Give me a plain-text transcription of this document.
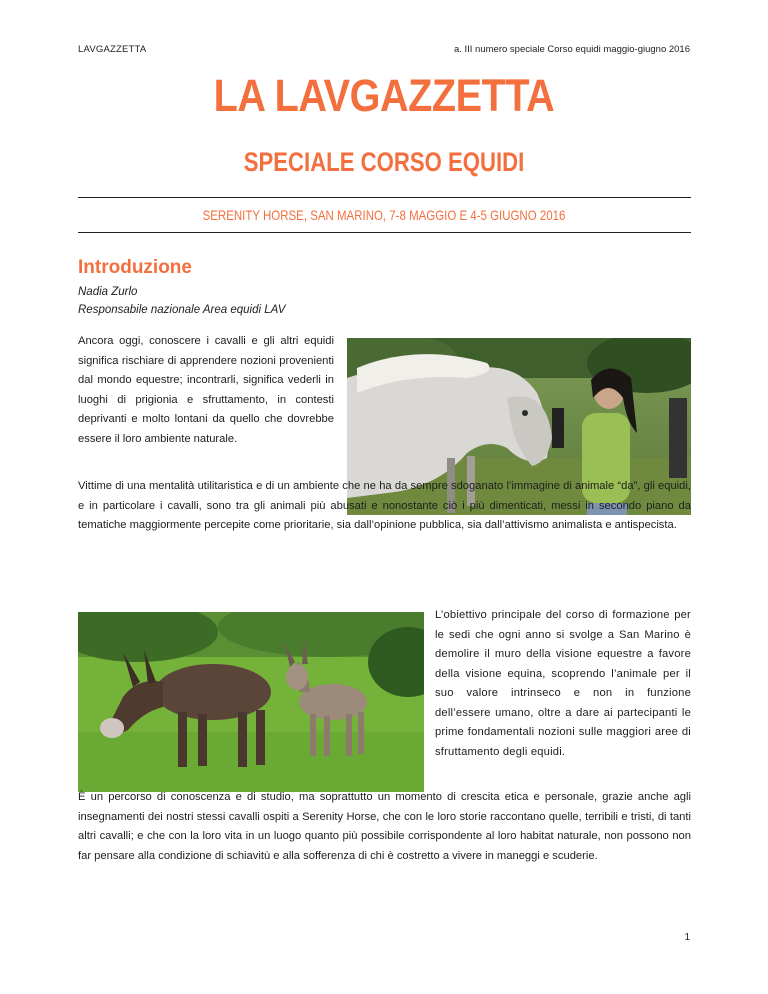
LAVGAZZETTA	a. III numero speciale Corso equidi maggio-giugno 2016
LA LAVGAZZETTA
SPECIALE CORSO EQUIDI
SERENITY HORSE, SAN MARINO, 7-8 MAGGIO E 4-5 GIUGNO 2016
Introduzione
Nadia Zurlo
Responsabile nazionale Area equidi LAV

Ancora oggi, conoscere i cavalli e gli altri equidi significa rischiare di apprendere nozioni provenienti dal mondo equestre; incontrarli, significa vederli in luoghi di prigionia e sfruttamento, in contesti deprivanti e molto lontani da quello che dovrebbe essere il loro ambiente naturale.

Vittime di una mentalità utilitaristica e di un ambiente che ne ha da sempre sdoganato l’immagine di animale “da”, gli equidi, e in particolare i cavalli, sono tra gli animali più abusati e nonostante ciò i più dimenticati, messi in secondo piano da tematiche maggiormente percepite come prioritarie, sia dall’opinione pubblica, sia dall’attivismo animalista e antispecista.

L’obiettivo principale del corso di formazione per le sedi che ogni anno si svolge a San Marino è demolire il muro della visione equestre a favore della visione equina, scoprendo l’animale per il suo valore intrinseco e non in funzione dell’essere umano, oltre a dare ai partecipanti le prime fondamentali nozioni sulle maggiori aree di sfruttamento degli equidi.

È un percorso di conoscenza e di studio, ma soprattutto un momento di crescita etica e personale, grazie anche agli insegnamenti dei nostri stessi cavalli ospiti a Serenity Horse, che con le loro storie raccontano quelle, terribili e tristi, di tanti altri cavalli; e che con la loro vita in un luogo quanto più possibile corrispondente al loro habitat naturale, non possono non far pensare alla condizione di schiavitù e alla sofferenza di chi è costretto a vivere in maneggi e scuderie.

1
